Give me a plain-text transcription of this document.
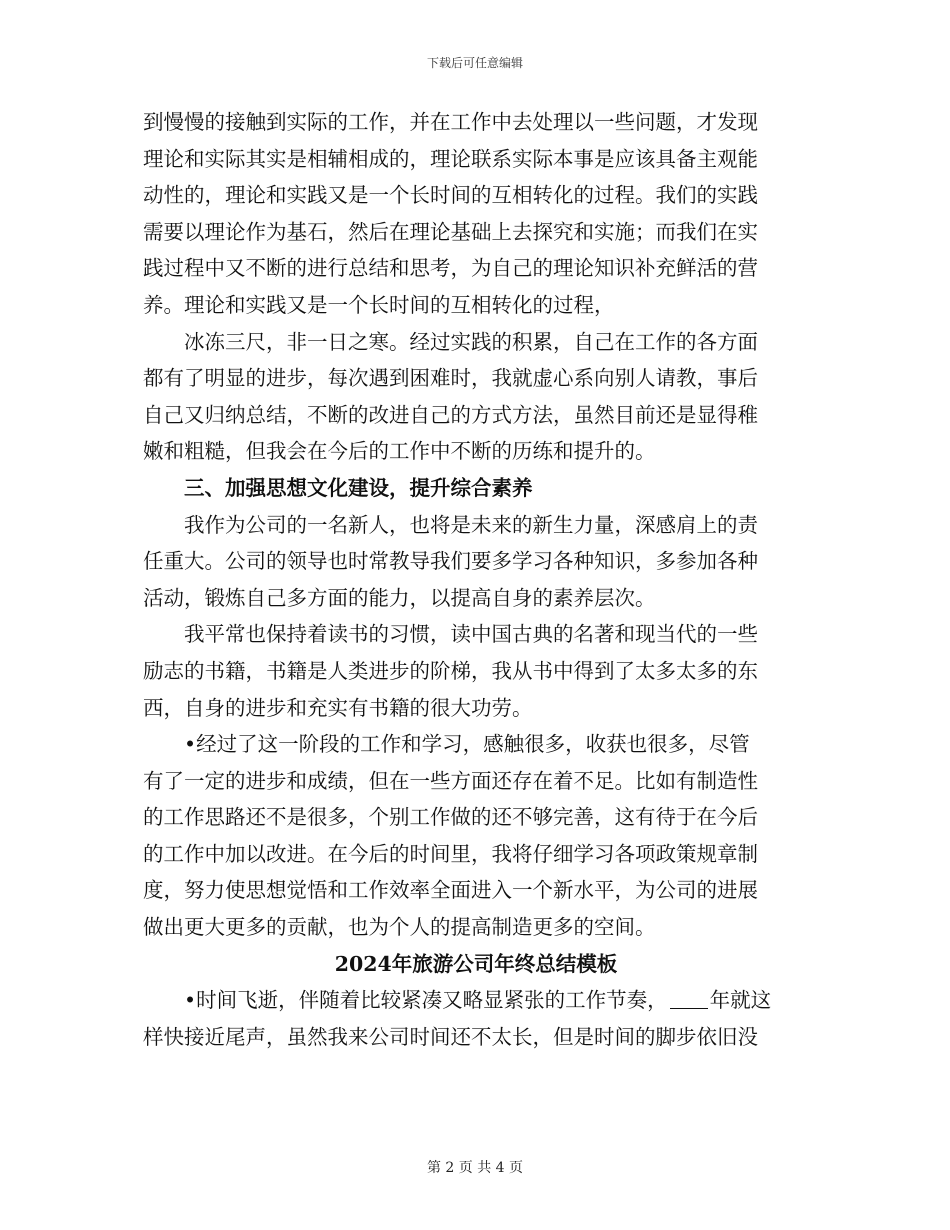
下载后可任意编辑
到慢慢的接触到实际的工作，并在工作中去处理以一些问题，才发现
理论和实际其实是相辅相成的，理论联系实际本事是应该具备主观能
动性的，理论和实践又是一个长时间的互相转化的过程。我们的实践
需要以理论作为基石，然后在理论基础上去探究和实施；而我们在实
践过程中又不断的进行总结和思考，为自己的理论知识补充鲜活的营
养。理论和实践又是一个长时间的互相转化的过程，
冰冻三尺，非一日之寒。经过实践的积累，自己在工作的各方面
都有了明显的进步，每次遇到困难时，我就虚心系向别人请教，事后
自己又归纳总结，不断的改进自己的方式方法，虽然目前还是显得稚
嫩和粗糙，但我会在今后的工作中不断的历练和提升的。
三、加强思想文化建设，提升综合素养
我作为公司的一名新人，也将是未来的新生力量，深感肩上的责
任重大。公司的领导也时常教导我们要多学习各种知识，多参加各种
活动，锻炼自己多方面的能力，以提高自身的素养层次。
我平常也保持着读书的习惯，读中国古典的名著和现当代的一些
励志的书籍，书籍是人类进步的阶梯，我从书中得到了太多太多的东
西，自身的进步和充实有书籍的很大功劳。
•经过了这一阶段的工作和学习，感触很多，收获也很多，尽管
有了一定的进步和成绩，但在一些方面还存在着不足。比如有制造性
的工作思路还不是很多，个别工作做的还不够完善，这有待于在今后
的工作中加以改进。在今后的时间里，我将仔细学习各项政策规章制
度，努力使思想觉悟和工作效率全面进入一个新水平，为公司的进展
做出更大更多的贡献，也为个人的提高制造更多的空间。
2024年旅游公司年终总结模板
•时间飞逝，伴随着比较紧凑又略显紧张的工作节奏， 年就这
样快接近尾声，虽然我来公司时间还不太长，但是时间的脚步依旧没
第 2 页 共 4 页
